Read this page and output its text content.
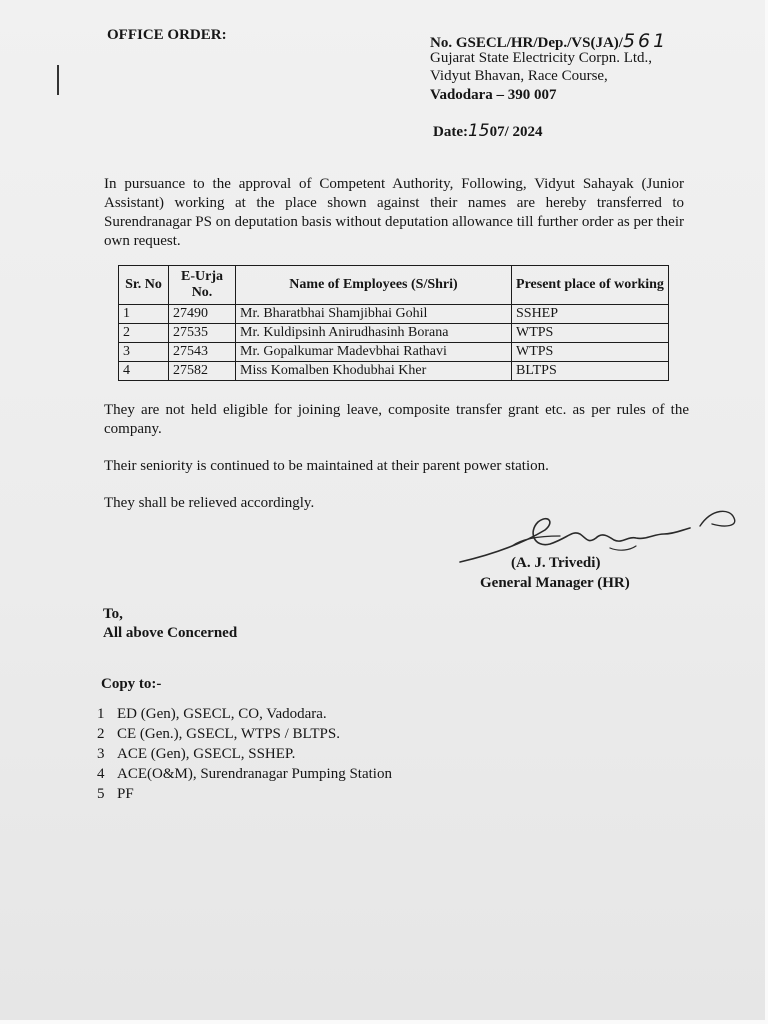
OFFICE ORDER:	No. GSECL/HR/Dep./VS(JA)/561
Gujarat State Electricity Corpn. Ltd.,
Vidyut Bhavan, Race Course,
Vadodara – 390 007
Date:1507/ 2024
In pursuance to the approval of Competent Authority, Following, Vidyut Sahayak (Junior Assistant) working at the place shown against their names are hereby transferred to Surendranagar PS on deputation basis without deputation allowance till further order as per their own request.
Sr. No	E-Urja No.	Name of Employees (S/Shri)	Present place of working
1	27490	Mr. Bharatbhai Shamjibhai Gohil	SSHEP
2	27535	Mr. Kuldipsinh Anirudhasinh Borana	WTPS
3	27543	Mr. Gopalkumar Madevbhai Rathavi	WTPS
4	27582	Miss Komalben Khodubhai Kher	BLTPS
They are not held eligible for joining leave, composite transfer grant etc. as per rules of the company.
Their seniority is continued to be maintained at their parent power station.
They shall be relieved accordingly.
(A. J. Trivedi)
General Manager (HR)
To,
All above Concerned
Copy to:-
1 ED (Gen), GSECL, CO, Vadodara.
2 CE (Gen.), GSECL, WTPS / BLTPS.
3 ACE (Gen), GSECL, SSHEP.
4 ACE(O&M), Surendranagar Pumping Station
5 PF
